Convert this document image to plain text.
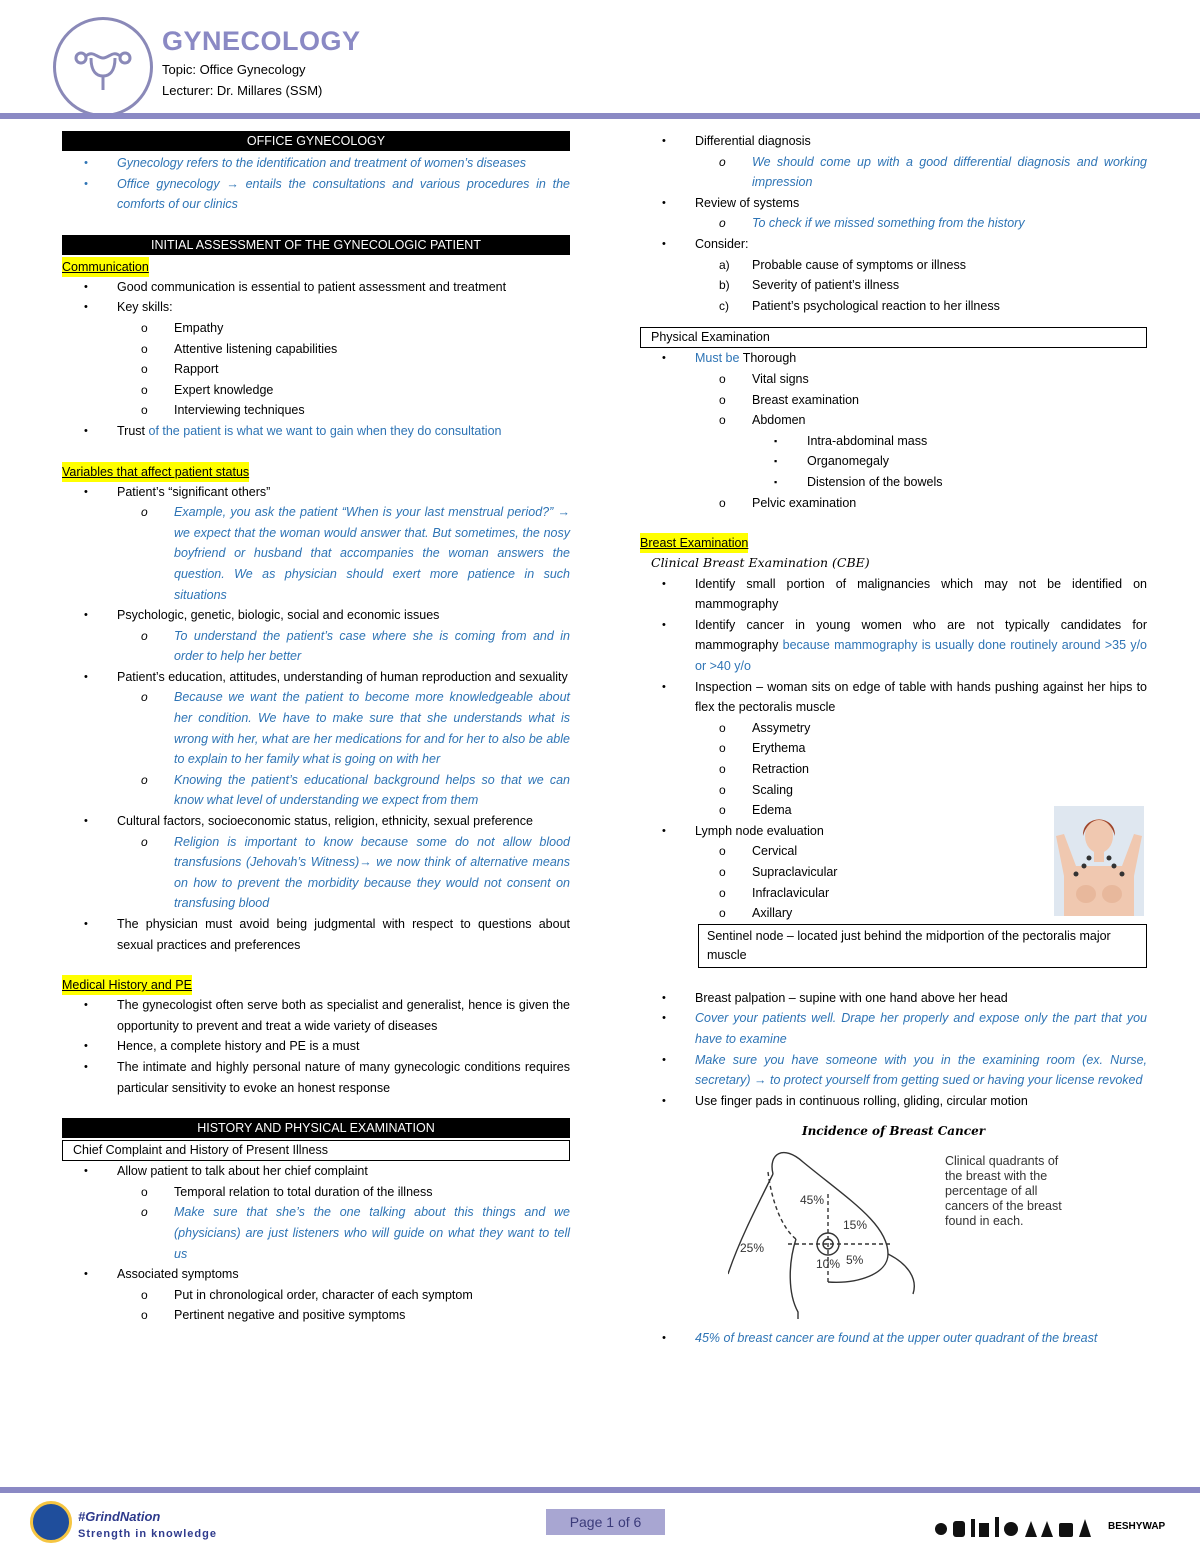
GYNECOLOGY
Topic: Office Gynecology
Lecturer: Dr. Millares (SSM)
OFFICE GYNECOLOGY
• Gynecology refers to the identification and treatment of women’s diseases
• Office gynecology → entails the consultations and various procedures in the comforts of our clinics
INITIAL ASSESSMENT OF THE GYNECOLOGIC PATIENT
Communication
• Good communication is essential to patient assessment and treatment
• Key skills:
o Empathy
o Attentive listening capabilities
o Rapport
o Expert knowledge
o Interviewing techniques
• Trust of the patient is what we want to gain when they do consultation
Variables that affect patient status
• Patient’s “significant others”
o Example, you ask the patient “When is your last menstrual period?” → we expect that the woman would answer that. But sometimes, the nosy boyfriend or husband that accompanies the woman answers the question. We as physician should exert more patience in such situations
• Psychologic, genetic, biologic, social and economic issues
o To understand the patient’s case where she is coming from and in order to help her better
• Patient’s education, attitudes, understanding of human reproduction and sexuality
o Because we want the patient to become more knowledgeable about her condition. We have to make sure that she understands what is wrong with her, what are her medications for and for her to also be able to explain to her family what is going on with her
o Knowing the patient’s educational background helps so that we can know what level of understanding we expect from them
• Cultural factors, socioeconomic status, religion, ethnicity, sexual preference
o Religion is important to know because some do not allow blood transfusions (Jehovah’s Witness)→ we now think of alternative means on how to prevent the morbidity because they would not consent on transfusing blood
• The physician must avoid being judgmental with respect to questions about sexual practices and preferences
Medical History and PE
• The gynecologist often serve both as specialist and generalist, hence is given the opportunity to prevent and treat a wide variety of diseases
• Hence, a complete history and PE is a must
• The intimate and highly personal nature of many gynecologic conditions requires particular sensitivity to evoke an honest response
HISTORY AND PHYSICAL EXAMINATION
Chief Complaint and History of Present Illness
• Allow patient to talk about her chief complaint
o Temporal relation to total duration of the illness
o Make sure that she’s the one talking about this things and we (physicians) are just listeners who will guide on what they want to tell us
• Associated symptoms
o Put in chronological order, character of each symptom
o Pertinent negative and positive symptoms
• Differential diagnosis
o We should come up with a good differential diagnosis and working impression
• Review of systems
o To check if we missed something from the history
• Consider:
a) Probable cause of symptoms or illness
b) Severity of patient’s illness
c) Patient’s psychological reaction to her illness
Physical Examination
• Must be Thorough
o Vital signs
o Breast examination
o Abdomen
▪ Intra-abdominal mass
▪ Organomegaly
▪ Distension of the bowels
o Pelvic examination
Breast Examination
Clinical Breast Examination (CBE)
• Identify small portion of malignancies which may not be identified on mammography
• Identify cancer in young women who are not typically candidates for mammography because mammography is usually done routinely around >35 y/o or >40 y/o
• Inspection – woman sits on edge of table with hands pushing against her hips to flex the pectoralis muscle
o Assymetry
o Erythema
o Retraction
o Scaling
o Edema
• Lymph node evaluation
o Cervical
o Supraclavicular
o Infraclavicular
o Axillary
Sentinel node – located just behind the midportion of the pectoralis major muscle
• Breast palpation – supine with one hand above her head
• Cover your patients well. Drape her properly and expose only the part that you have to examine
• Make sure you have someone with you in the examining room (ex. Nurse, secretary) → to protect yourself from getting sued or having your license revoked
• Use finger pads in continuous rolling, gliding, circular motion
Incidence of Breast Cancer
45%
15%
25%
10% 5%
Clinical quadrants of the breast with the percentage of all cancers of the breast found in each.
• 45% of breast cancer are found at the upper outer quadrant of the breast
#GrindNation
Strength in knowledge
Page 1 of 6	BESHYWAP
